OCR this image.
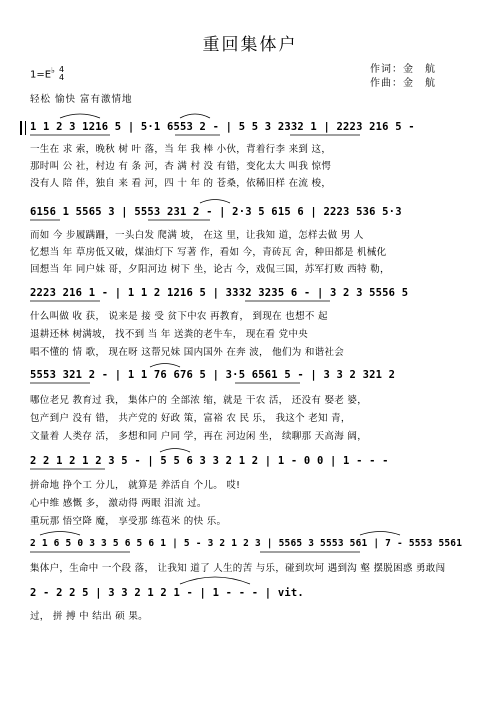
重回集体户
作词：金　航
作曲：金　航
1=E♭ 4
4
轻松 愉快 富有激情地
1 1 2 3 1216 5 | 5·1 6553 2 - | 5 5 3 2332 1 | 2223 216 5 -
一生在 求 索，晚秋 树 叶 落，当 年 我 棒 小伙，背着行李 来到 这，
那时叫 公 社，村边 有 条 河，杏 满 村 没 有错，变化太大 叫我 惊愕
没有人 陪 伴，独自 来 看 河，四 十 年 的 苍桑，依稀旧样 在流 梭，
6156 1 5565 3 | 5553 231 2 - | 2·3 5 615 6 | 2223 536 5·3
而如 今 步履蹒跚，一头白发 爬满 坡， 在这 里，让我知 道，怎样去做 男 人
忆想当 年 草房低又破，煤油灯下 写著 作，看如 今，青砖瓦 舍，种田都是 机械化
回想当 年 同户妹 哥，夕阳河边 树下 坐，论古 今，戏侃三国，苏军打败 西特 勒，
2223 216 1 - | 1 1 2 1216 5 | 3332 3235 6 - | 3 2 3 5556 5
什么叫做 收 获， 说来是 接 受 贫下中农 再教育， 到现在 也想不 起
退耕还林 树满坡， 找不到 当 年 送粪的老牛车， 现在看 党中央
唱不懂的 情 歌， 现在呀 这帮兄妹 国内国外 在奔 波， 他们为 和谐社会
5553 321 2 - | 1 1 76 676 5 | 3·5 6561 5 - | 3 3 2 321 2
哪位老兄 教育过 我， 集体户的 全部浓 缩，就是 干农 活， 还没有 娶老 婆，
包产到户 没有 错， 共产党的 好政 策，富裕 农 民 乐， 我这个 老知 青，
文量着 人类存 活， 多想和同 户同 学，再在 河边闲 坐， 续聊那 天高海 阔，
2 2 1 2 1 2 3 5 - | 5 5 6 3 3 2 1 2 | 1 - 0 0 | 1 - - -
拼命地 挣个工 分儿， 就算是 养活自 个儿。 哎!
心中维 感慨 多， 激动得 两眼 泪流 过。
重玩那 悟空降 魔， 享受那 练苞米 的快 乐。
2 1 6 5 0 3 3 5 6 5 6 1 | 5 - 3 2 1 2 3 | 5565 3 5553 561 | 7 - 5553 5561
集体户，生命中 一个段 落， 让我知 道了 人生的苦 与乐，碰到坎坷 遇到沟 壑 摆脱困惑 勇敢闯
2 - 2 2 5 | 3 3 2 1 2 1 - | 1 - - - | vit.
过， 拼 搏 中 结出 硕 果。
